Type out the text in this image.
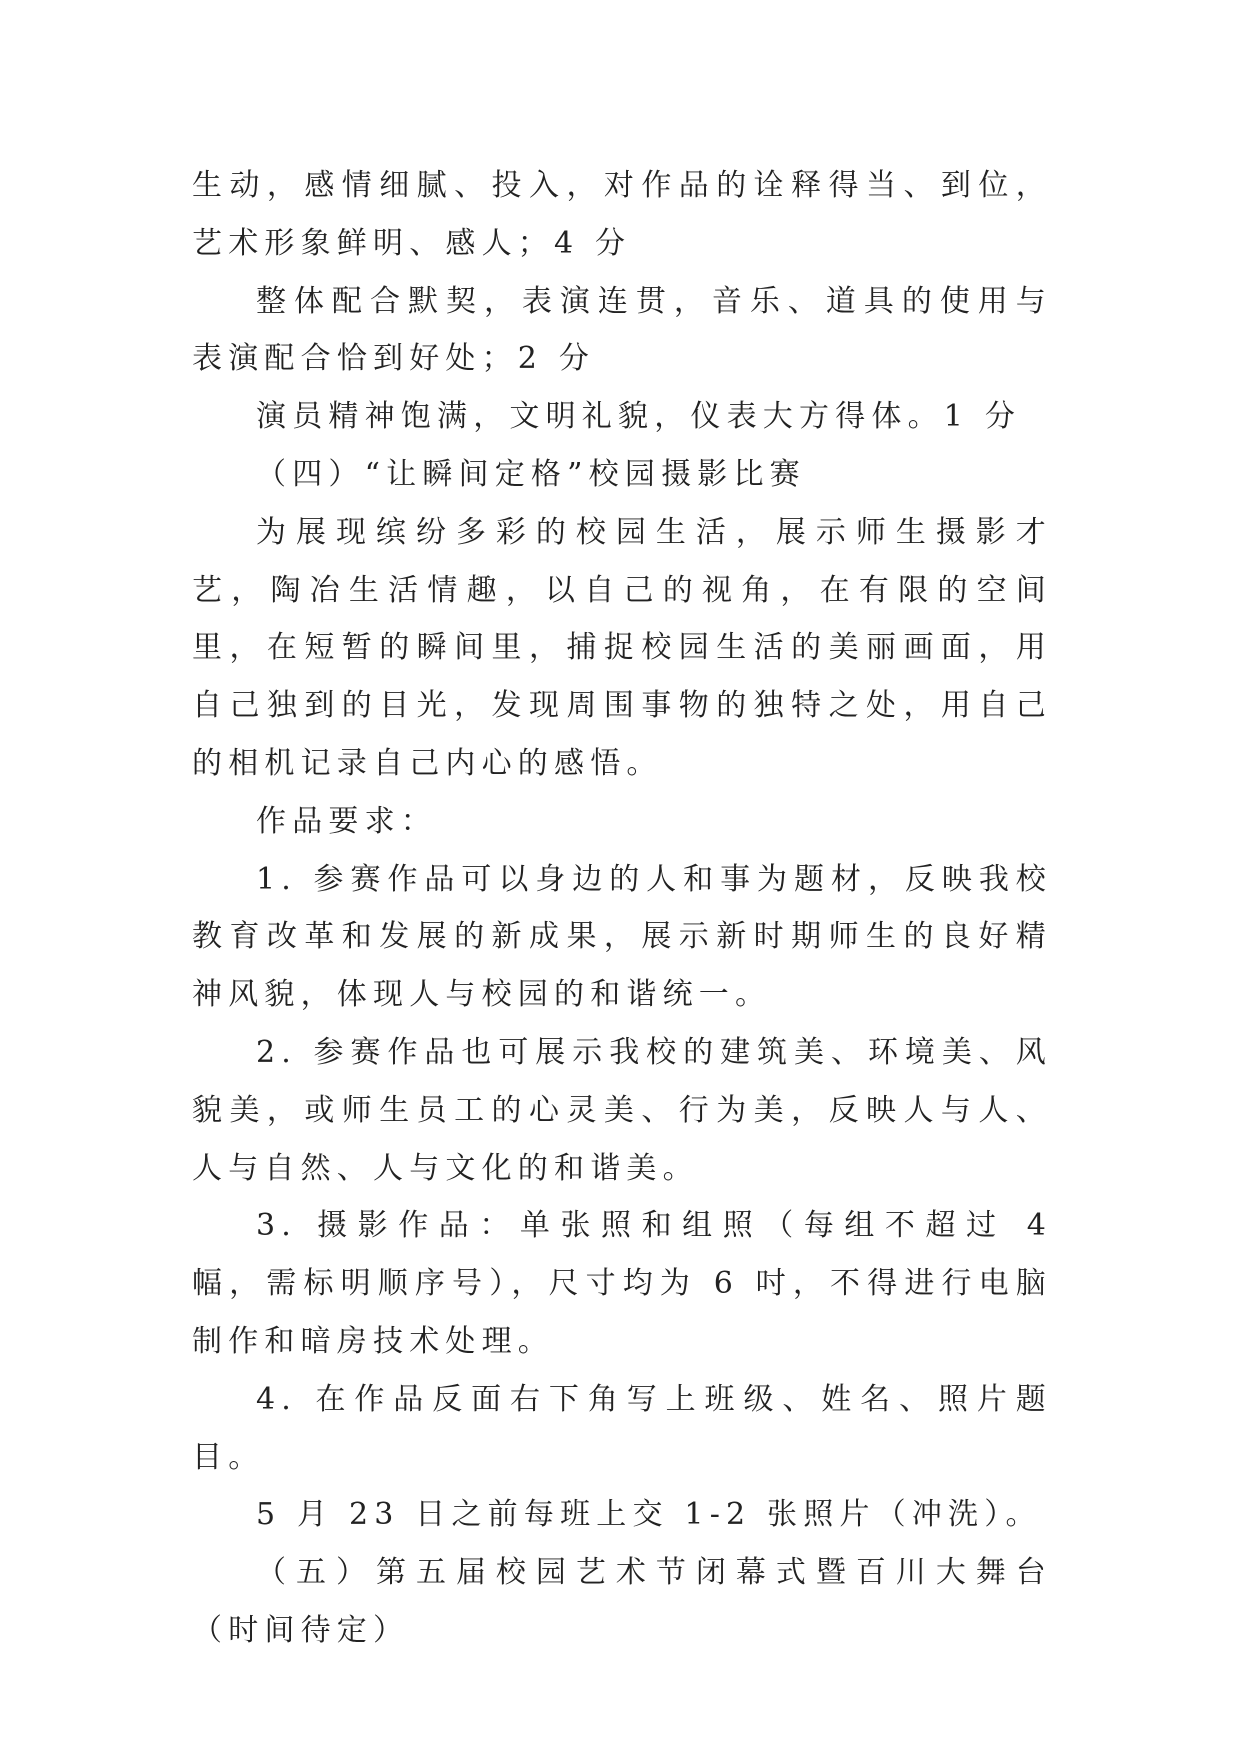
生动，感情细腻、投入，对作品的诠释得当、到位，艺术形象鲜明、感人；4 分

整体配合默契，表演连贯，音乐、道具的使用与表演配合恰到好处；2 分

演员精神饱满，文明礼貌，仪表大方得体。1 分

（四）“让瞬间定格”校园摄影比赛

为展现缤纷多彩的校园生活，展示师生摄影才艺，陶冶生活情趣，以自己的视角，在有限的空间里，在短暂的瞬间里，捕捉校园生活的美丽画面，用自己独到的目光，发现周围事物的独特之处，用自己的相机记录自己内心的感悟。

作品要求：

1. 参赛作品可以身边的人和事为题材，反映我校教育改革和发展的新成果，展示新时期师生的良好精神风貌，体现人与校园的和谐统一。

2. 参赛作品也可展示我校的建筑美、环境美、风貌美，或师生员工的心灵美、行为美，反映人与人、人与自然、人与文化的和谐美。

3. 摄影作品：单张照和组照（每组不超过 4 幅，需标明顺序号），尺寸均为 6 吋，不得进行电脑制作和暗房技术处理。

4. 在作品反面右下角写上班级、姓名、照片题目。

5 月 23 日之前每班上交 1-2 张照片（冲洗）。

（五）第五届校园艺术节闭幕式暨百川大舞台（时间待定）
